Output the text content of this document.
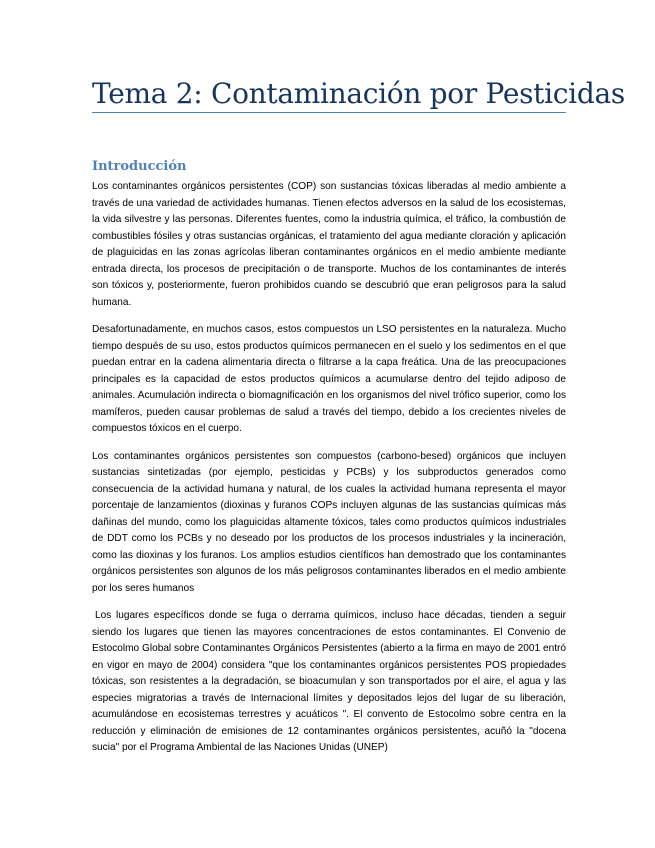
Tema 2: Contaminación por Pesticidas
Introducción

Los contaminantes orgánicos persistentes (COP) son sustancias tóxicas liberadas al medio ambiente a través de una variedad de actividades humanas. Tienen efectos adversos en la salud de los ecosistemas, la vida silvestre y las personas. Diferentes fuentes, como la industria química, el tráfico, la combustión de combustibles fósiles y otras sustancias orgánicas, el tratamiento del agua mediante cloración y aplicación de plaguicidas en las zonas agrícolas liberan contaminantes orgánicos en el medio ambiente mediante entrada directa, los procesos de precipitación o de transporte. Muchos de los contaminantes de interés son tóxicos y, posteriormente, fueron prohibidos cuando se descubrió que eran peligrosos para la salud humana.

Desafortunadamente, en muchos casos, estos compuestos un LSO persistentes en la naturaleza. Mucho tiempo después de su uso, estos productos químicos permanecen en el suelo y los sedimentos en el que puedan entrar en la cadena alimentaria directa o filtrarse a la capa freática. Una de las preocupaciones principales es la capacidad de estos productos químicos a acumularse dentro del tejido adiposo de animales. Acumulación indirecta o biomagnificación en los organismos del nivel trófico superior, como los mamíferos, pueden causar problemas de salud a través del tiempo, debido a los crecientes niveles de compuestos tóxicos en el cuerpo.

Los contaminantes orgánicos persistentes son compuestos (carbono-besed) orgánicos que incluyen sustancias sintetizadas (por ejemplo, pesticidas y PCBs) y los subproductos generados como consecuencia de la actividad humana y natural, de los cuales la actividad humana representa el mayor porcentaje de lanzamientos (dioxinas y furanos COPs incluyen algunas de las sustancias químicas más dañinas del mundo, como los plaguicidas altamente tóxicos, tales como productos químicos industriales de DDT como los PCBs y no deseado por los productos de los procesos industriales y la incineración, como las dioxinas y los furanos. Los amplios estudios científicos han demostrado que los contaminantes orgánicos persistentes son algunos de los más peligrosos contaminantes liberados en el medio ambiente por los seres humanos

Los lugares específicos donde se fuga o derrama químicos, incluso hace décadas, tienden a seguir siendo los lugares que tienen las mayores concentraciones de estos contaminantes. El Convenio de Estocolmo Global sobre Contaminantes Orgánicos Persistentes (abierto a la firma en mayo de 2001 entró en vigor en mayo de 2004) considera "que los contaminantes orgánicos persistentes POS propiedades tóxicas, son resistentes a la degradación, se bioacumulan y son transportados por el aire, el agua y las especies migratorias a través de Internacional límites y depositados lejos del lugar de su liberación, acumulándose en ecosistemas terrestres y acuáticos ". El convento de Estocolmo sobre centra en la reducción y eliminación de emisiones de 12 contaminantes orgánicos persistentes, acuñó la "docena sucia" por el Programa Ambiental de las Naciones Unidas (UNEP)
